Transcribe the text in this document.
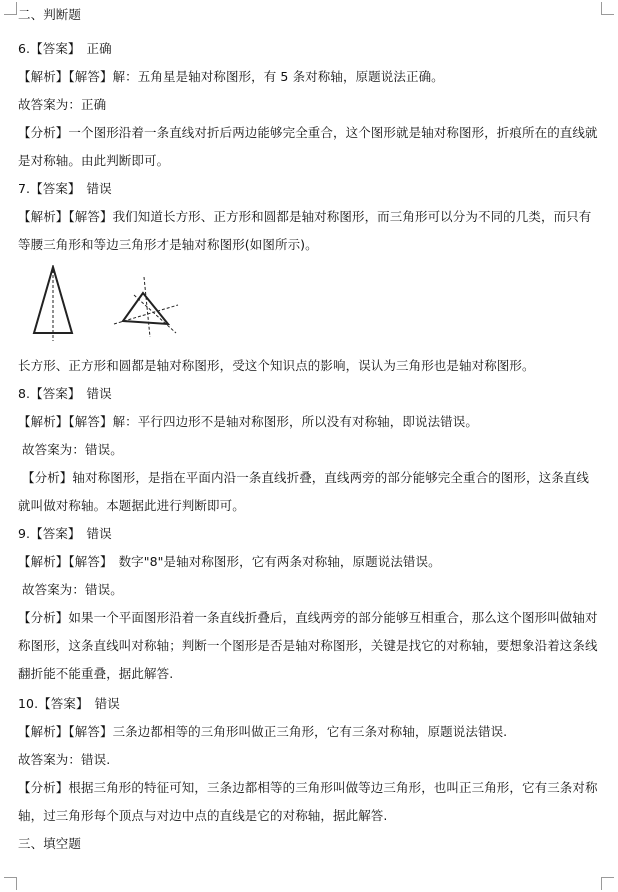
二、判断题
6.【答案】 正确
【解析】【解答】解：五角星是轴对称图形，有 5 条对称轴，原题说法正确。
故答案为：正确
【分析】一个图形沿着一条直线对折后两边能够完全重合，这个图形就是轴对称图形，折痕所在的直线就
是对称轴。由此判断即可。
7.【答案】 错误
【解析】【解答】我们知道长方形、正方形和圆都是轴对称图形，而三角形可以分为不同的几类，而只有
等腰三角形和等边三角形才是轴对称图形(如图所示)。
长方形、正方形和圆都是轴对称图形，受这个知识点的影响，误认为三角形也是轴对称图形。
8.【答案】 错误
【解析】【解答】解：平行四边形不是轴对称图形，所以没有对称轴，即说法错误。
故答案为：错误。
【分析】轴对称图形，是指在平面内沿一条直线折叠，直线两旁的部分能够完全重合的图形，这条直线
就叫做对称轴。本题据此进行判断即可。
9.【答案】 错误
【解析】【解答】 数字"8"是轴对称图形，它有两条对称轴，原题说法错误。
故答案为：错误。
【分析】如果一个平面图形沿着一条直线折叠后，直线两旁的部分能够互相重合，那么这个图形叫做轴对
称图形，这条直线叫对称轴；判断一个图形是否是轴对称图形，关键是找它的对称轴，要想象沿着这条线
翻折能不能重叠，据此解答.
10.【答案】 错误
【解析】【解答】三条边都相等的三角形叫做正三角形，它有三条对称轴，原题说法错误.
故答案为：错误.
【分析】根据三角形的特征可知，三条边都相等的三角形叫做等边三角形，也叫正三角形，它有三条对称
轴，过三角形每个顶点与对边中点的直线是它的对称轴，据此解答.
三、填空题
